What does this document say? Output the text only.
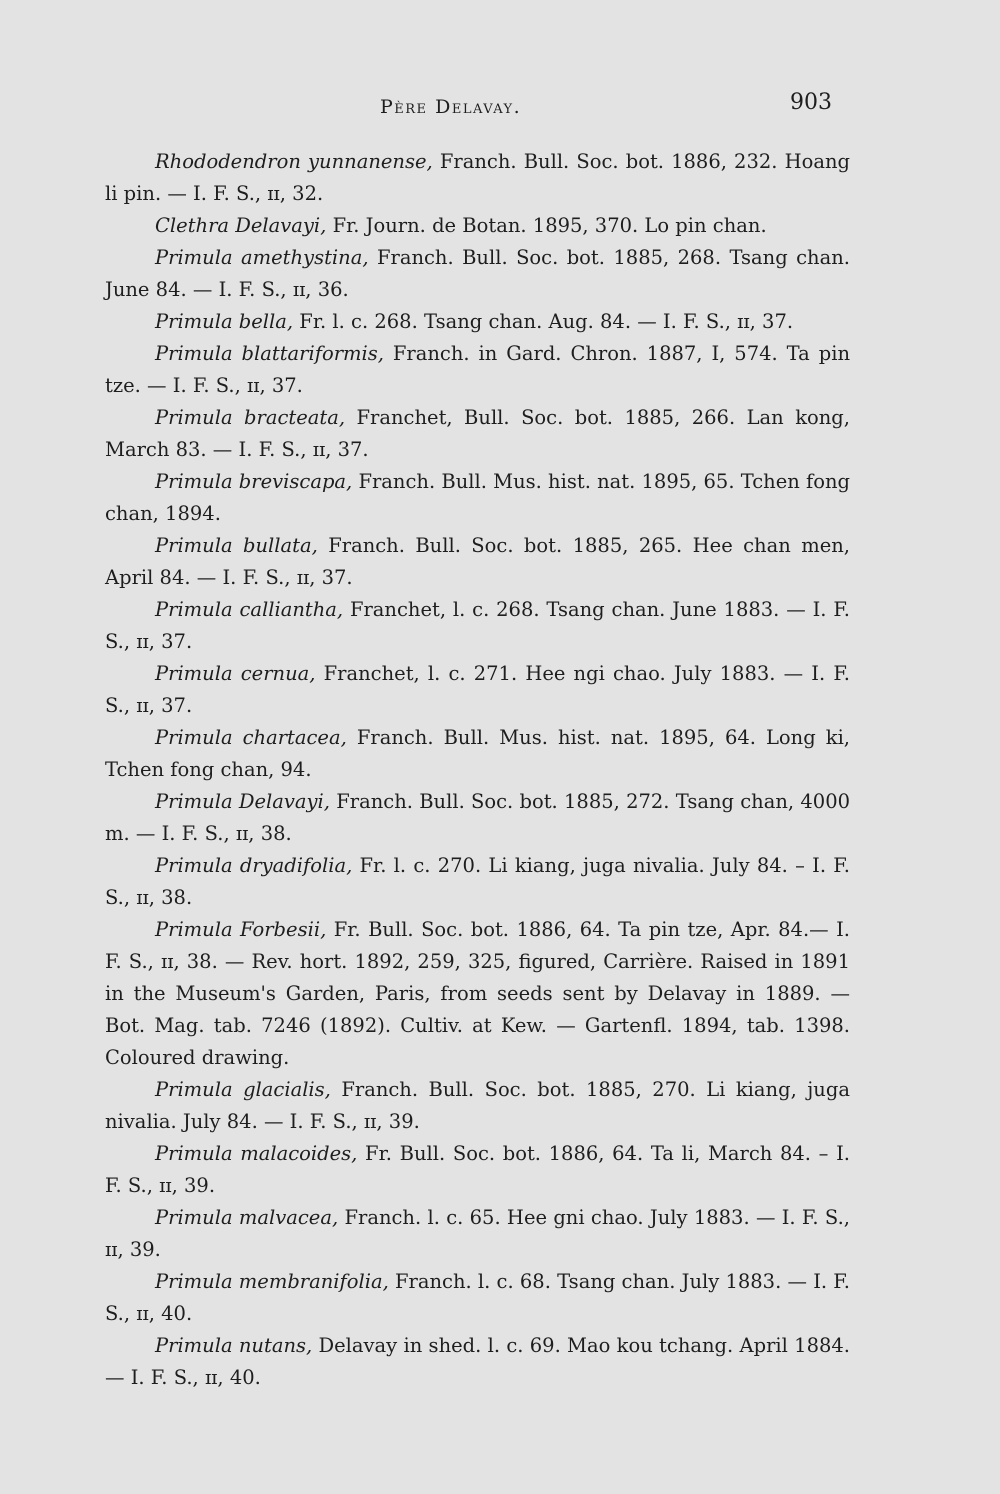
Père Delavay.	903

Rhododendron yunnanense, Franch. Bull. Soc. bot. 1886, 232. Hoang li pin. — I. F. S., ɪɪ, 32.

Clethra Delavayi, Fr. Journ. de Botan. 1895, 370. Lo pin chan.

Primula amethystina, Franch. Bull. Soc. bot. 1885, 268. Tsang chan. June 84. — I. F. S., ɪɪ, 36.

Primula bella, Fr. l. c. 268. Tsang chan. Aug. 84. — I. F. S., ɪɪ, 37.

Primula blattariformis, Franch. in Gard. Chron. 1887, I, 574. Ta pin tze. — I. F. S., ɪɪ, 37.

Primula bracteata, Franchet, Bull. Soc. bot. 1885, 266. Lan kong, March 83. — I. F. S., ɪɪ, 37.

Primula breviscapa, Franch. Bull. Mus. hist. nat. 1895, 65. Tchen fong chan, 1894.

Primula bullata, Franch. Bull. Soc. bot. 1885, 265. Hee chan men, April 84. — I. F. S., ɪɪ, 37.

Primula calliantha, Franchet, l. c. 268. Tsang chan. June 1883. — I. F. S., ɪɪ, 37.

Primula cernua, Franchet, l. c. 271. Hee ngi chao. July 1883. — I. F. S., ɪɪ, 37.

Primula chartacea, Franch. Bull. Mus. hist. nat. 1895, 64. Long ki, Tchen fong chan, 94.

Primula Delavayi, Franch. Bull. Soc. bot. 1885, 272. Tsang chan, 4000 m. — I. F. S., ɪɪ, 38.

Primula dryadifolia, Fr. l. c. 270. Li kiang, juga nivalia. July 84. – I. F. S., ɪɪ, 38.

Primula Forbesii, Fr. Bull. Soc. bot. 1886, 64. Ta pin tze, Apr. 84.— I. F. S., ɪɪ, 38. — Rev. hort. 1892, 259, 325, figured, Carrière. Raised in 1891 in the Museum's Garden, Paris, from seeds sent by Delavay in 1889. — Bot. Mag. tab. 7246 (1892). Cultiv. at Kew. — Gartenfl. 1894, tab. 1398. Coloured drawing.

Primula glacialis, Franch. Bull. Soc. bot. 1885, 270. Li kiang, juga nivalia. July 84. — I. F. S., ɪɪ, 39.

Primula malacoides, Fr. Bull. Soc. bot. 1886, 64. Ta li, March 84. – I. F. S., ɪɪ, 39.

Primula malvacea, Franch. l. c. 65. Hee gni chao. July 1883. — I. F. S., ɪɪ, 39.

Primula membranifolia, Franch. l. c. 68. Tsang chan. July 1883. — I. F. S., ɪɪ, 40.

Primula nutans, Delavay in shed. l. c. 69. Mao kou tchang. April 1884. — I. F. S., ɪɪ, 40.
